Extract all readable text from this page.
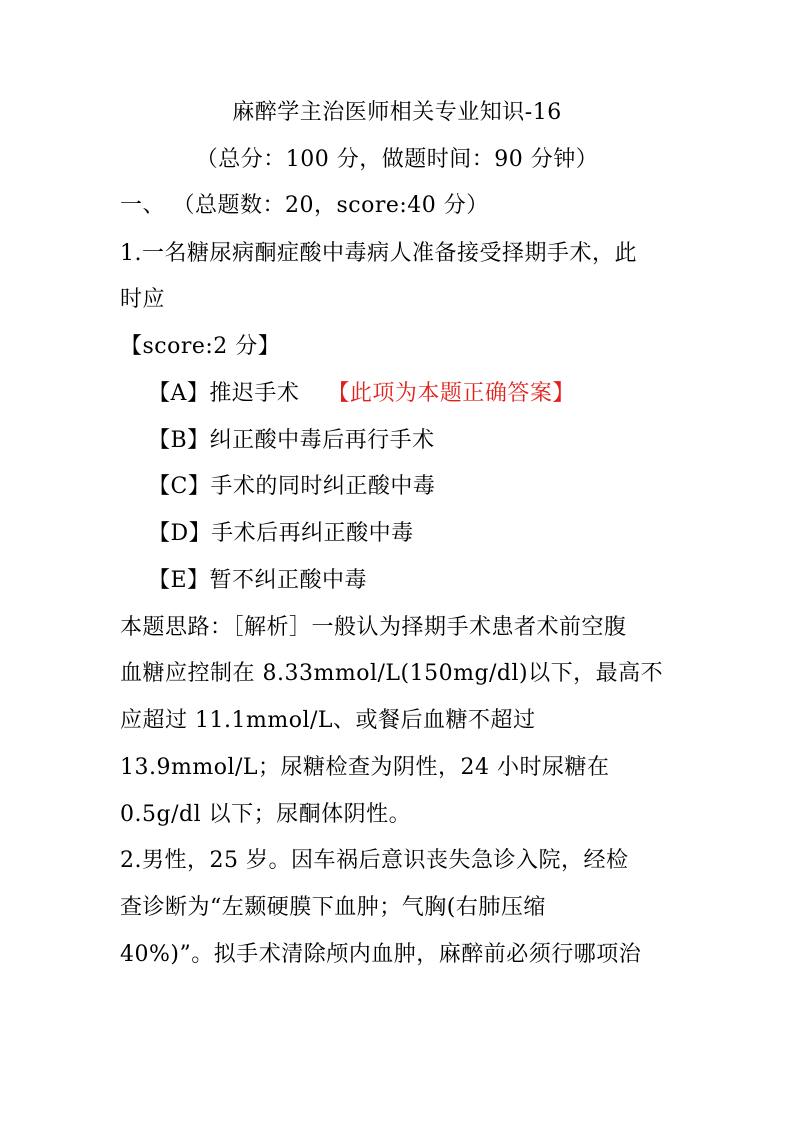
麻醉学主治医师相关专业知识-16
（总分：100 分，做题时间：90 分钟）
一、 （总题数：20，score:40 分）
1.一名糖尿病酮症酸中毒病人准备接受择期手术，此
时应
【score:2 分】
【A】推迟手术 【此项为本题正确答案】
【B】纠正酸中毒后再行手术
【C】手术的同时纠正酸中毒
【D】手术后再纠正酸中毒
【E】暂不纠正酸中毒
本题思路：［解析］一般认为择期手术患者术前空腹
血糖应控制在 8.33mmol/L(150mg/dl)以下，最高不
应超过 11.1mmol/L、或餐后血糖不超过
13.9mmol/L；尿糖检查为阴性，24 小时尿糖在
0.5g/dl 以下；尿酮体阴性。
2.男性，25 岁。因车祸后意识丧失急诊入院，经检
查诊断为“左颞硬膜下血肿；气胸(右肺压缩
40%)”。拟手术清除颅内血肿，麻醉前必须行哪项治
